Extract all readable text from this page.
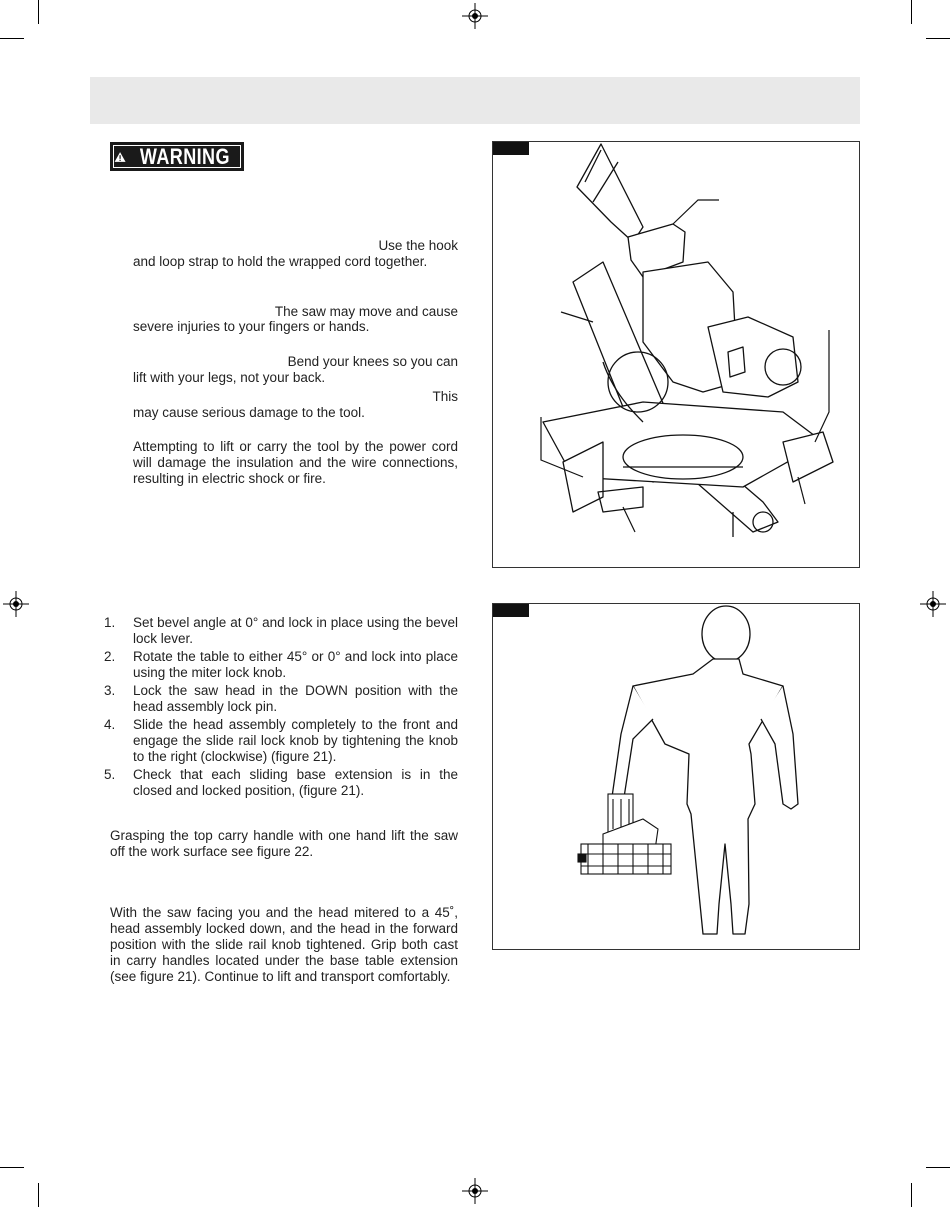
WARNING
Use the hook
and loop strap to hold the wrapped cord together.
The saw may move and cause
severe injuries to your fingers or hands.
Bend your knees so you can
lift with your legs, not your back.
This
may cause serious damage to the tool.
Attempting to lift or carry the tool by the power cord will damage the insulation and the wire connections, resulting in electric shock or fire.
1.	Set bevel angle at 0° and lock in place using the bevel lock lever.
2.	Rotate the table to either 45° or 0° and lock into place using the miter lock knob.
3.	Lock the saw head in the DOWN position with the head assembly lock pin.
4.	Slide the head assembly completely to the front and engage the slide rail lock knob by tightening the knob to the right (clockwise) (figure 21).
5.	Check that each sliding base extension is in the closed and locked position, (figure 21).
Grasping the top carry handle with one hand lift the saw off the work surface see figure 22.
With the saw facing you and the head mitered to a 45˚, head assembly locked down, and the head in the forward position with the slide rail knob tightened. Grip both cast in carry handles located under the base table extension (see figure 21). Continue to lift and transport comfortably.
